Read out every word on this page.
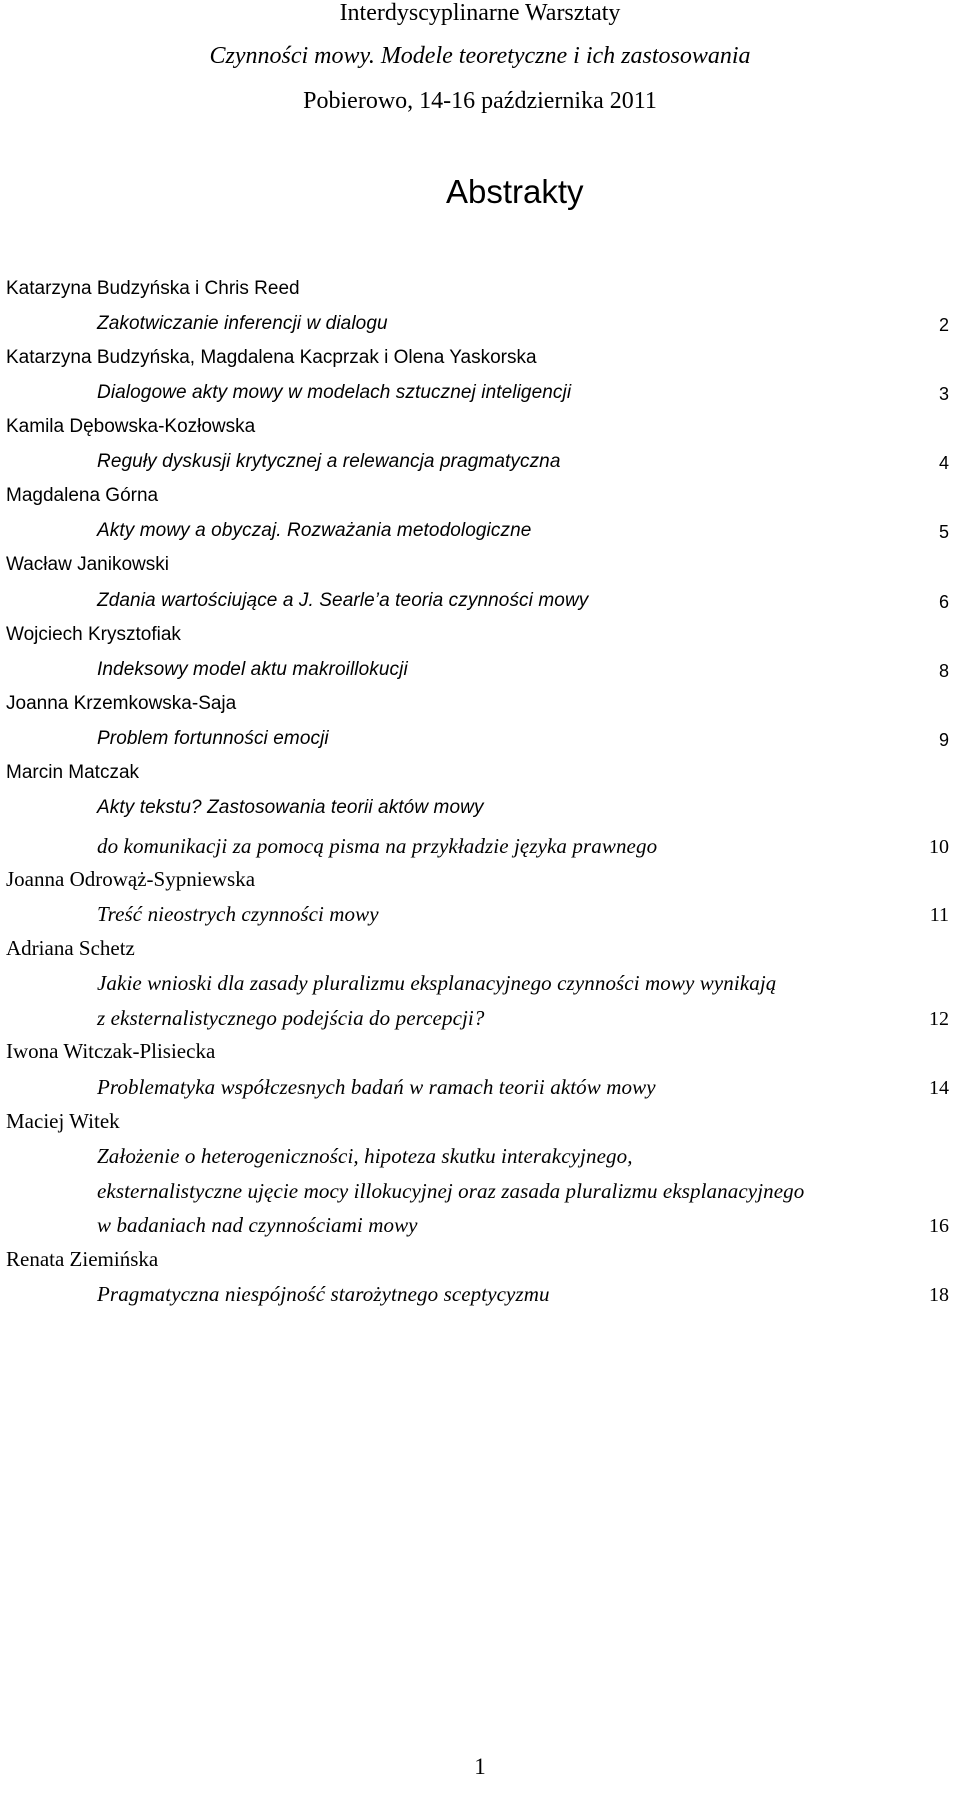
Interdyscyplinarne Warsztaty
Czynności mowy. Modele teoretyczne i ich zastosowania
Pobierowo, 14-16 października 2011
Abstrakty
Katarzyna Budzyńska i Chris Reed
Zakotwiczanie inferencji w dialogu	2
Katarzyna Budzyńska, Magdalena Kacprzak i Olena Yaskorska
Dialogowe akty mowy w modelach sztucznej inteligencji	3
Kamila Dębowska-Kozłowska
Reguły dyskusji krytycznej a relewancja pragmatyczna	4
Magdalena Górna
Akty mowy a obyczaj. Rozważania metodologiczne	5
Wacław Janikowski
Zdania wartościujące a J. Searle’a teoria czynności mowy	6
Wojciech Krysztofiak
Indeksowy model aktu makroillokucji	8
Joanna Krzemkowska-Saja
Problem fortunności emocji	9
Marcin Matczak
Akty tekstu? Zastosowania teorii aktów mowy
do komunikacji za pomocą pisma na przykładzie języka prawnego	10
Joanna Odrowąż-Sypniewska
Treść nieostrych czynności mowy	11
Adriana Schetz
Jakie wnioski dla zasady pluralizmu eksplanacyjnego czynności mowy wynikają
z eksternalistycznego podejścia do percepcji?	12
Iwona Witczak-Plisiecka
Problematyka współczesnych badań w ramach teorii aktów mowy	14
Maciej Witek
Założenie o heterogeniczności, hipoteza skutku interakcyjnego,
eksternalistyczne ujęcie mocy illokucyjnej oraz zasada pluralizmu eksplanacyjnego
w badaniach nad czynnościami mowy	16
Renata Ziemińska
Pragmatyczna niespójność starożytnego sceptycyzmu	18
1
